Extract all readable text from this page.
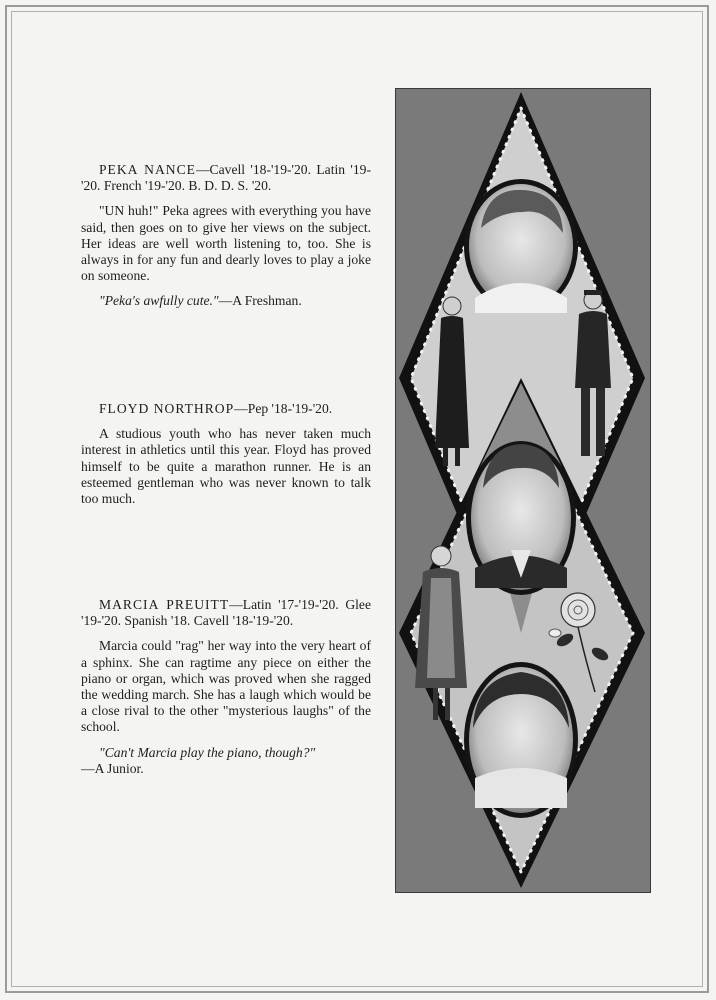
PEKA NANCE—Cavell '18-'19-'20. Latin '19-'20. French '19-'20. B. D. D. S. '20.

"UN huh!" Peka agrees with everything you have said, then goes on to give her views on the subject. Her ideas are well worth listening to, too. She is always in for any fun and dearly loves to play a joke on someone.

"Peka's awfully cute."—A Freshman.

FLOYD NORTHROP—Pep '18-'19-'20.

A studious youth who has never taken much interest in athletics until this year. Floyd has proved himself to be quite a marathon runner. He is an esteemed gentleman who was never known to talk too much.

MARCIA PREUITT—Latin '17-'19-'20. Glee '19-'20. Spanish '18. Cavell '18-'19-'20.

Marcia could "rag" her way into the very heart of a sphinx. She can ragtime any piece on either the piano or organ, which was proved when she ragged the wedding march. She has a laugh which would be a close rival to the other "mysterious laughs" of the school.

"Can't Marcia play the piano, though?"

—A Junior.
